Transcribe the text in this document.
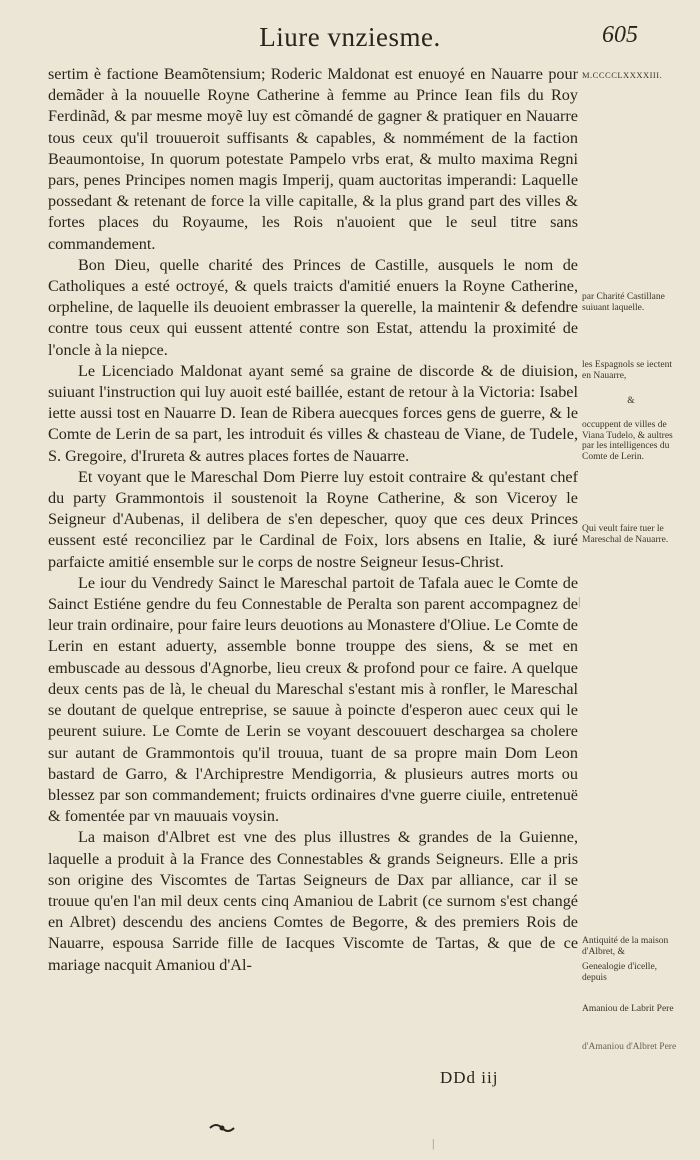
Liure vnziesme.	605

sertim è factione Beamõtensium; Roderic Maldonat est enuoyé en Nauarre pour demãder à la nouuelle Royne Catherine à femme au Prince Iean fils du Roy Ferdinãd, & par mesme moyẽ luy est cõmandé de gagner & pratiquer en Nauarre tous ceux qu'il trouueroit suffisants & capables, & nommément de la faction Beaumontoise, In quorum potestate Pampelo vrbs erat, & multo maxima Regni pars, penes Principes nomen magis Imperij, quam auctoritas imperandi: Laquelle possedant & retenant de force la ville capitalle, & la plus grand part des villes & fortes places du Royaume, les Rois n'auoient que le seul titre sans commandement.

Bon Dieu, quelle charité des Princes de Castille, ausquels le nom de Catholiques a esté octroyé, & quels traicts d'amitié enuers la Royne Catherine, orpheline, de laquelle ils deuoient embrasser la querelle, la maintenir & defendre contre tous ceux qui eussent attenté contre son Estat, attendu la proximité de l'oncle à la niepce.

Le Licenciado Maldonat ayant semé sa graine de discorde & de diuision, suiuant l'instruction qui luy auoit esté baillée, estant de retour à la Victoria: Isabel iette aussi tost en Nauarre D. Iean de Ribera auecques forces gens de guerre, & le Comte de Lerin de sa part, les introduit és villes & chasteau de Viane, de Tudele, S. Gregoire, d'Irureta & autres places fortes de Nauarre.

Et voyant que le Mareschal Dom Pierre luy estoit contraire & qu'estant chef du party Grammontois il soustenoit la Royne Catherine, & son Viceroy le Seigneur d'Aubenas, il delibera de s'en depescher, quoy que ces deux Princes eussent esté reconciliez par le Cardinal de Foix, lors absens en Italie, & iuré parfaicte amitié ensemble sur le corps de nostre Seigneur Iesus-Christ.

Le iour du Vendredy Sainct le Mareschal partoit de Tafala auec le Comte de Sainct Estiéne gendre du feu Connestable de Peralta son parent accompagnez de leur train ordinaire, pour faire leurs deuotions au Monastere d'Oliue. Le Comte de Lerin en estant aduerty, assemble bonne trouppe des siens, & se met en embuscade au dessous d'Agnorbe, lieu creux & profond pour ce faire. A quelque deux cents pas de là, le cheual du Mareschal s'estant mis à ronfler, le Mareschal se doutant de quelque entreprise, se sauue à poincte d'esperon auec ceux qui le peurent suiure. Le Comte de Lerin se voyant descouuert deschargea sa cholere sur autant de Grammontois qu'il trouua, tuant de sa propre main Dom Leon bastard de Garro, & l'Archiprestre Mendigorria, & plusieurs autres morts ou blessez par son commandement; fruicts ordinaires d'vne guerre ciuile, entretenuë & fomentée par vn mauuais voysin.

La maison d'Albret est vne des plus illustres & grandes de la Guienne, laquelle a produit à la France des Connestables & grands Seigneurs. Elle a pris son origine des Viscomtes de Tartas Seigneurs de Dax par alliance, car il se trouue qu'en l'an mil deux cents cinq Amaniou de Labrit (ce surnom s'est changé en Albret) descendu des anciens Comtes de Begorre, & des premiers Rois de Nauarre, espousa Sarride fille de Iacques Viscomte de Tartas, & que de ce mariage nacquit Amaniou d'Al-

M.CCCCLXXXXIII.
par Charité Castillane suiuant laquelle.
les Espagnols se iectent en Nauarre,
&
occuppent de villes de Viana Tudelo, & aultres par les intelligences du Comte de Lerin.
Qui veult faire tuer le Mareschal de Nauarre.
Antiquité de la maison d'Albret, &
Genealogie d'icelle, depuis
Amaniou de Labrit Pere
d'Amaniou d'Albret Pere
DDd iij
|
|
